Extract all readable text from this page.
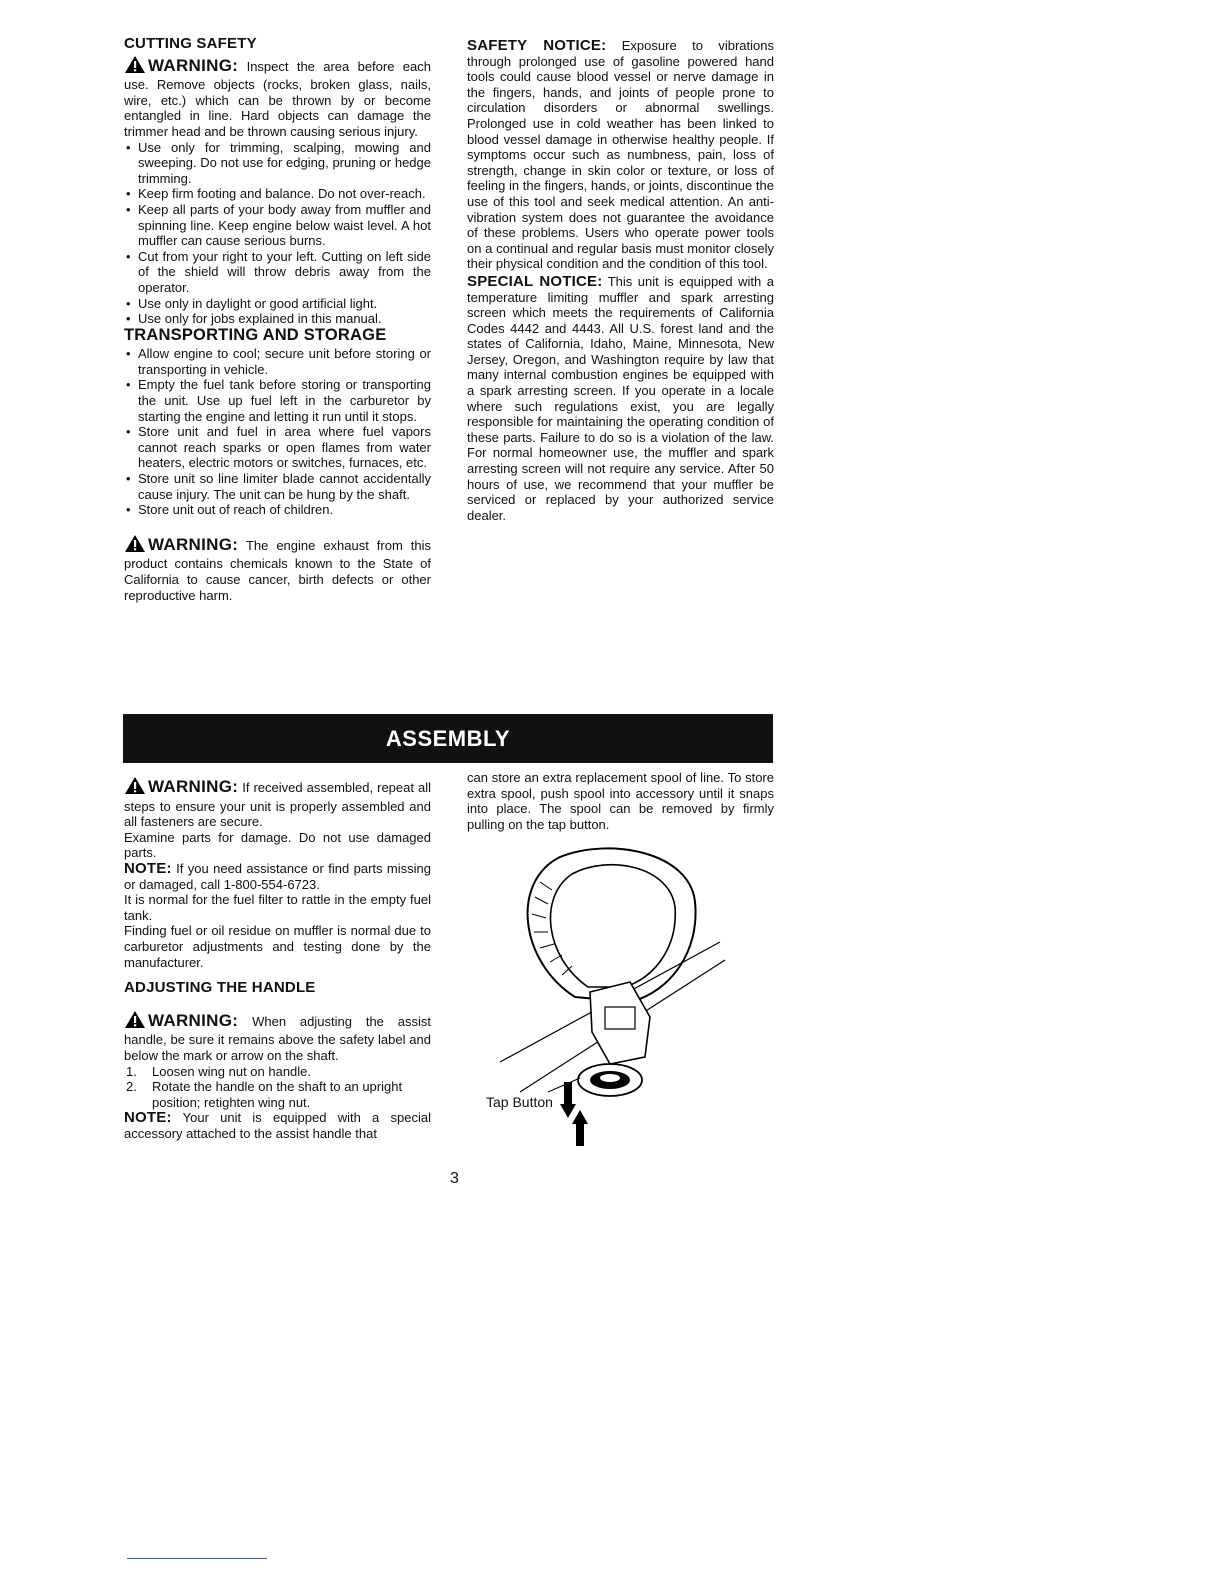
CUTTING SAFETY

WARNING: Inspect the area before each use. Remove objects (rocks, broken glass, nails, wire, etc.) which can be thrown by or become entangled in line. Hard objects can damage the trimmer head and be thrown causing serious injury.

• Use only for trimming, scalping, mowing and sweeping. Do not use for edging, pruning or hedge trimming.
• Keep firm footing and balance. Do not over-reach.
• Keep all parts of your body away from muffler and spinning line. Keep engine below waist level. A hot muffler can cause serious burns.
• Cut from your right to your left. Cutting on left side of the shield will throw debris away from the operator.
• Use only in daylight or good artificial light.
• Use only for jobs explained in this manual.
TRANSPORTING AND STORAGE
• Allow engine to cool; secure unit before storing or transporting in vehicle.
• Empty the fuel tank before storing or transporting the unit. Use up fuel left in the carburetor by starting the engine and letting it run until it stops.
• Store unit and fuel in area where fuel vapors cannot reach sparks or open flames from water heaters, electric motors or switches, furnaces, etc.
• Store unit so line limiter blade cannot accidentally cause injury. The unit can be hung by the shaft.
• Store unit out of reach of children.

WARNING: The engine exhaust from this product contains chemicals known to the State of California to cause cancer, birth defects or other reproductive harm.

SAFETY NOTICE: Exposure to vibrations through prolonged use of gasoline powered hand tools could cause blood vessel or nerve damage in the fingers, hands, and joints of people prone to circulation disorders or abnormal swellings. Prolonged use in cold weather has been linked to blood vessel damage in otherwise healthy people. If symptoms occur such as numbness, pain, loss of strength, change in skin color or texture, or loss of feeling in the fingers, hands, or joints, discontinue the use of this tool and seek medical attention. An anti-vibration system does not guarantee the avoidance of these problems. Users who operate power tools on a continual and regular basis must monitor closely their physical condition and the condition of this tool.

SPECIAL NOTICE: This unit is equipped with a temperature limiting muffler and spark arresting screen which meets the requirements of California Codes 4442 and 4443. All U.S. forest land and the states of California, Idaho, Maine, Minnesota, New Jersey, Oregon, and Washington require by law that many internal combustion engines be equipped with a spark arresting screen. If you operate in a locale where such regulations exist, you are legally responsible for maintaining the operating condition of these parts. Failure to do so is a violation of the law. For normal homeowner use, the muffler and spark arresting screen will not require any service. After 50 hours of use, we recommend that your muffler be serviced or replaced by your authorized service dealer.

ASSEMBLY

WARNING: If received assembled, repeat all steps to ensure your unit is properly assembled and all fasteners are secure.

Examine parts for damage. Do not use damaged parts.

NOTE: If you need assistance or find parts missing or damaged, call 1-800-554-6723.

It is normal for the fuel filter to rattle in the empty fuel tank.

Finding fuel or oil residue on muffler is normal due to carburetor adjustments and testing done by the manufacturer.

ADJUSTING THE HANDLE

WARNING: When adjusting the assist handle, be sure it remains above the safety label and below the mark or arrow on the shaft.

1. Loosen wing nut on handle.
2. Rotate the handle on the shaft to an upright position; retighten wing nut.

NOTE: Your unit is equipped with a special accessory attached to the assist handle that

can store an extra replacement spool of line. To store extra spool, push spool into accessory until it snaps into place. The spool can be removed by firmly pulling on the tap button.

Tap Button
3
